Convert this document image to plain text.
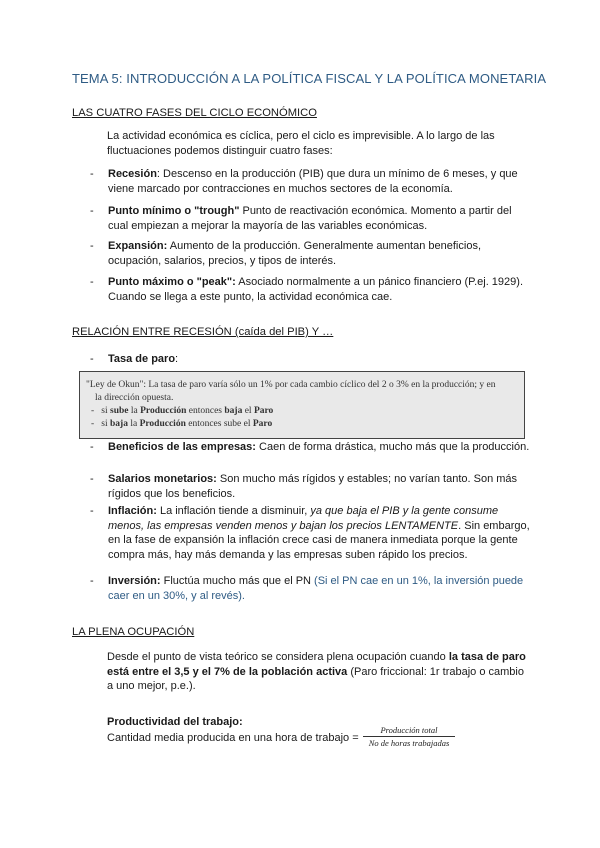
TEMA 5: INTRODUCCIÓN A LA POLÍTICA FISCAL Y LA POLÍTICA MONETARIA
LAS CUATRO FASES DEL CICLO ECONÓMICO
La actividad económica es cíclica, pero el ciclo es imprevisible. A lo largo de las fluctuaciones podemos distinguir cuatro fases:
- Recesión: Descenso en la producción (PIB) que dura un mínimo de 6 meses, y que viene marcado por contracciones en muchos sectores de la economía.
- Punto mínimo o "trough" Punto de reactivación económica. Momento a partir del cual empiezan a mejorar la mayoría de las variables económicas.
- Expansión: Aumento de la producción. Generalmente aumentan beneficios, ocupación, salarios, precios, y tipos de interés.
- Punto máximo o "peak": Asociado normalmente a un pánico financiero (P.ej. 1929). Cuando se llega a este punto, la actividad económica cae.
RELACIÓN ENTRE RECESIÓN (caída del PIB) Y …
- Tasa de paro:
"Ley de Okun": La tasa de paro varía sólo un 1% por cada cambio cíclico del 2 o 3% en la producción; y en
la dirección opuesta.
- si sube la Producción entonces baja el Paro
- si baja la Producción entonces sube el Paro
- Beneficios de las empresas: Caen de forma drástica, mucho más que la producción.
- Salarios monetarios: Son mucho más rígidos y estables; no varían tanto. Son más rígidos que los beneficios.
- Inflación: La inflación tiende a disminuir, ya que baja el PIB y la gente consume menos, las empresas venden menos y bajan los precios LENTAMENTE. Sin embargo, en la fase de expansión la inflación crece casi de manera inmediata porque la gente compra más, hay más demanda y las empresas suben rápido los precios.
- Inversión: Fluctúa mucho más que el PN (Si el PN cae en un 1%, la inversión puede caer en un 30%, y al revés).
LA PLENA OCUPACIÓN
Desde el punto de vista teórico se considera plena ocupación cuando la tasa de paro está entre el 3,5 y el 7% de la población activa (Paro friccional: 1r trabajo o cambio a uno mejor, p.e.).
Productividad del trabajo:
Cantidad media producida en una hora de trabajo =
Producción total
No de horas trabajadas
